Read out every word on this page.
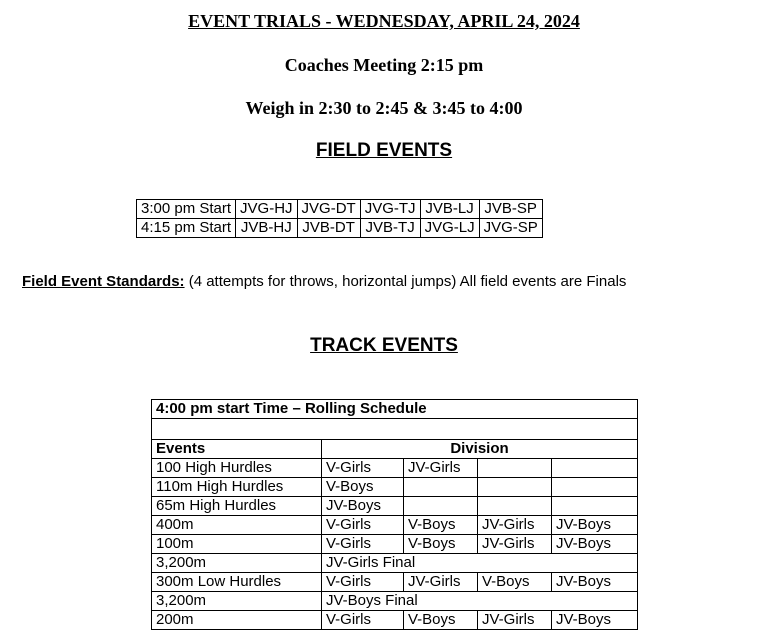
EVENT TRIALS - WEDNESDAY, APRIL 24, 2024
Coaches Meeting 2:15 pm
Weigh in 2:30 to 2:45 & 3:45 to 4:00
FIELD EVENTS
3:00 pm Start	JVG-HJ	JVG-DT	JVG-TJ	JVB-LJ	JVB-SP
4:15 pm Start	JVB-HJ	JVB-DT	JVB-TJ	JVG-LJ	JVG-SP
Field Event Standards: (4 attempts for throws, horizontal jumps) All field events are Finals
TRACK EVENTS
4:00 pm start Time – Rolling Schedule				

Events	Division			
100 High Hurdles	V-Girls	JV-Girls		
110m High Hurdles	V-Boys			
65m High Hurdles	JV-Boys			
400m	V-Girls	V-Boys	JV-Girls	JV-Boys
100m	V-Girls	V-Boys	JV-Girls	JV-Boys
3,200m	JV-Girls Final			
300m Low Hurdles	V-Girls	JV-Girls	V-Boys	JV-Boys
3,200m	JV-Boys Final			
200m	V-Girls	V-Boys	JV-Girls	JV-Boys
